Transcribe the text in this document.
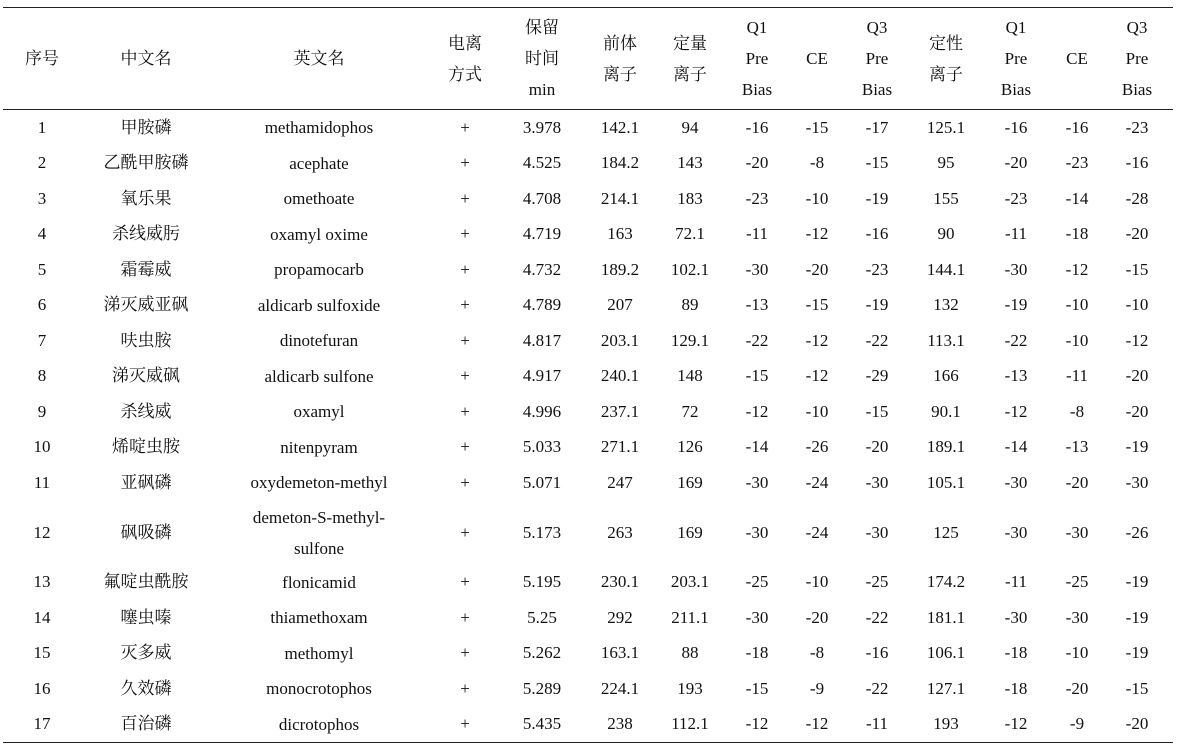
序号	中文名	英文名	电离
方式	保留
时间
min	前体
离子	定量
离子	Q1
Pre
Bias	CE	Q3
Pre
Bias	定性
离子	Q1
Pre
Bias	CE	Q3
Pre
Bias
1	甲胺磷	methamidophos	+	3.978	142.1	94	-16	-15	-17	125.1	-16	-16	-23
2	乙酰甲胺磷	acephate	+	4.525	184.2	143	-20	-8	-15	95	-20	-23	-16
3	氧乐果	omethoate	+	4.708	214.1	183	-23	-10	-19	155	-23	-14	-28
4	杀线威肟	oxamyl oxime	+	4.719	163	72.1	-11	-12	-16	90	-11	-18	-20
5	霜霉威	propamocarb	+	4.732	189.2	102.1	-30	-20	-23	144.1	-30	-12	-15
6	涕灭威亚砜	aldicarb sulfoxide	+	4.789	207	89	-13	-15	-19	132	-19	-10	-10
7	呋虫胺	dinotefuran	+	4.817	203.1	129.1	-22	-12	-22	113.1	-22	-10	-12
8	涕灭威砜	aldicarb sulfone	+	4.917	240.1	148	-15	-12	-29	166	-13	-11	-20
9	杀线威	oxamyl	+	4.996	237.1	72	-12	-10	-15	90.1	-12	-8	-20
10	烯啶虫胺	nitenpyram	+	5.033	271.1	126	-14	-26	-20	189.1	-14	-13	-19
11	亚砜磷	oxydemeton-methyl	+	5.071	247	169	-30	-24	-30	105.1	-30	-20	-30
12	砜吸磷	demeton-S-methyl-
sulfone	+	5.173	263	169	-30	-24	-30	125	-30	-30	-26
13	氟啶虫酰胺	flonicamid	+	5.195	230.1	203.1	-25	-10	-25	174.2	-11	-25	-19
14	噻虫嗪	thiamethoxam	+	5.25	292	211.1	-30	-20	-22	181.1	-30	-30	-19
15	灭多威	methomyl	+	5.262	163.1	88	-18	-8	-16	106.1	-18	-10	-19
16	久效磷	monocrotophos	+	5.289	224.1	193	-15	-9	-22	127.1	-18	-20	-15
17	百治磷	dicrotophos	+	5.435	238	112.1	-12	-12	-11	193	-12	-9	-20
